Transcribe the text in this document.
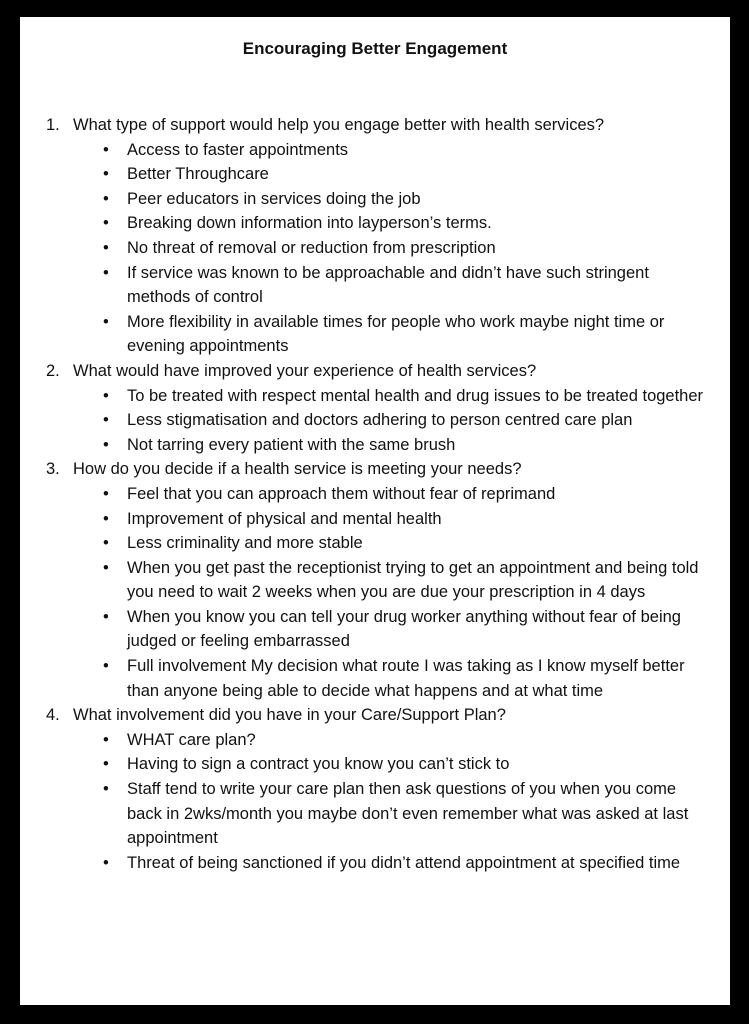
Encouraging Better Engagement
1. What type of support would help you engage better with health services?
• Access to faster appointments
• Better Throughcare
• Peer educators in services doing the job
• Breaking down information into layperson’s terms.
• No threat of removal or reduction from prescription
• If service was known to be approachable and didn’t have such stringent methods of control
• More flexibility in available times for people who work maybe night time or evening appointments
2. What would have improved your experience of health services?
• To be treated with respect mental health and drug issues to be treated together
• Less stigmatisation and doctors adhering to person centred care plan
• Not tarring every patient with the same brush
3. How do you decide if a health service is meeting your needs?
• Feel that you can approach them without fear of reprimand
• Improvement of physical and mental health
• Less criminality and more stable
• When you get past the receptionist trying to get an appointment and being told you need to wait 2 weeks when you are due your prescription in 4 days
• When you know you can tell your drug worker anything without fear of being judged or feeling embarrassed
• Full involvement My decision what route I was taking as I know myself better than anyone being able to decide what happens and at what time
4. What involvement did you have in your Care/Support Plan?
• WHAT care plan?
• Having to sign a contract you know you can’t stick to
• Staff tend to write your care plan then ask questions of you when you come back in 2wks/month you maybe don’t even remember what was asked at last appointment
• Threat of being sanctioned if you didn’t attend appointment at specified time
